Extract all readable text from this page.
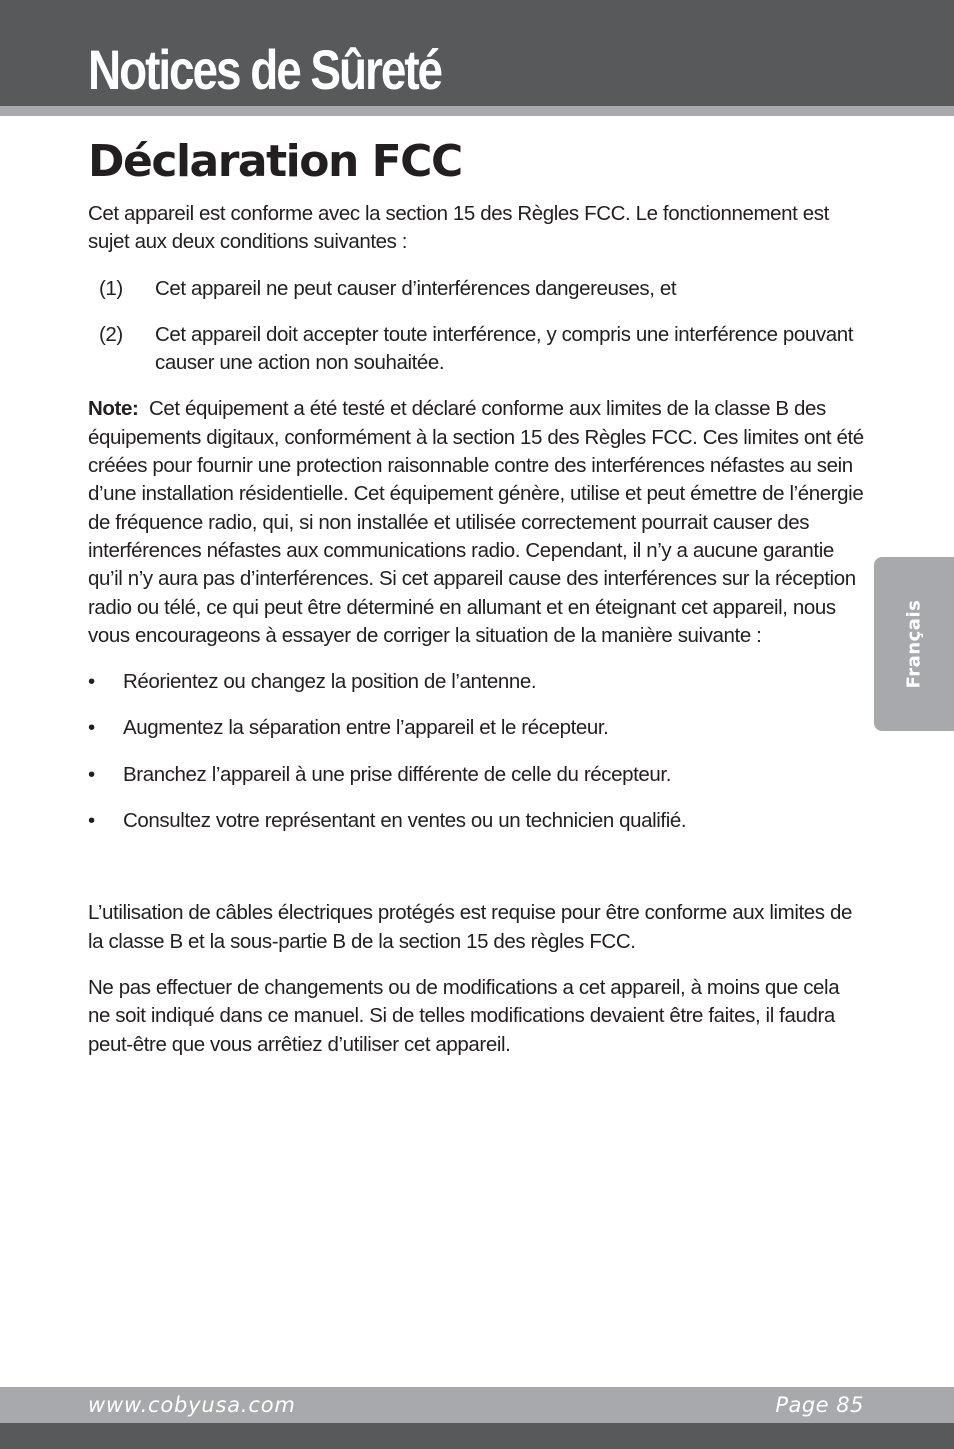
Notices de Sûreté
Déclaration FCC

Cet appareil est conforme avec la section 15 des Règles FCC. Le fonctionnement est sujet aux deux conditions suivantes :

(1)	Cet appareil ne peut causer d’interférences dangereuses, et
(2)	Cet appareil doit accepter toute interférence, y compris une interférence pouvant causer une action non souhaitée.

Note: Cet équipement a été testé et déclaré conforme aux limites de la classe B des équipements digitaux, conformément à la section 15 des Règles FCC. Ces limites ont été créées pour fournir une protection raisonnable contre des interférences néfastes au sein d’une installation résidentielle. Cet équipement génère, utilise et peut émettre de l’énergie de fréquence radio, qui, si non installée et utilisée correctement pourrait causer des interférences néfastes aux communications radio. Cependant, il n’y a aucune garantie qu’il n’y aura pas d’interférences. Si cet appareil cause des interférences sur la réception radio ou télé, ce qui peut être déterminé en allumant et en éteignant cet appareil, nous vous encourageons à essayer de corriger la situation de la manière suivante :

•	Réorientez ou changez la position de l’antenne.
•	Augmentez la séparation entre l’appareil et le récepteur.
•	Branchez l’appareil à une prise différente de celle du récepteur.
•	Consultez votre représentant en ventes ou un technicien qualifié.

L’utilisation de câbles électriques protégés est requise pour être conforme aux limites de la classe B et la sous-partie B de la section 15 des règles FCC.

Ne pas effectuer de changements ou de modifications a cet appareil, à moins que cela ne soit indiqué dans ce manuel. Si de telles modifications devaient être faites, il faudra peut-être que vous arrêtiez d’utiliser cet appareil.

Français
www.cobyusa.com	Page 85
